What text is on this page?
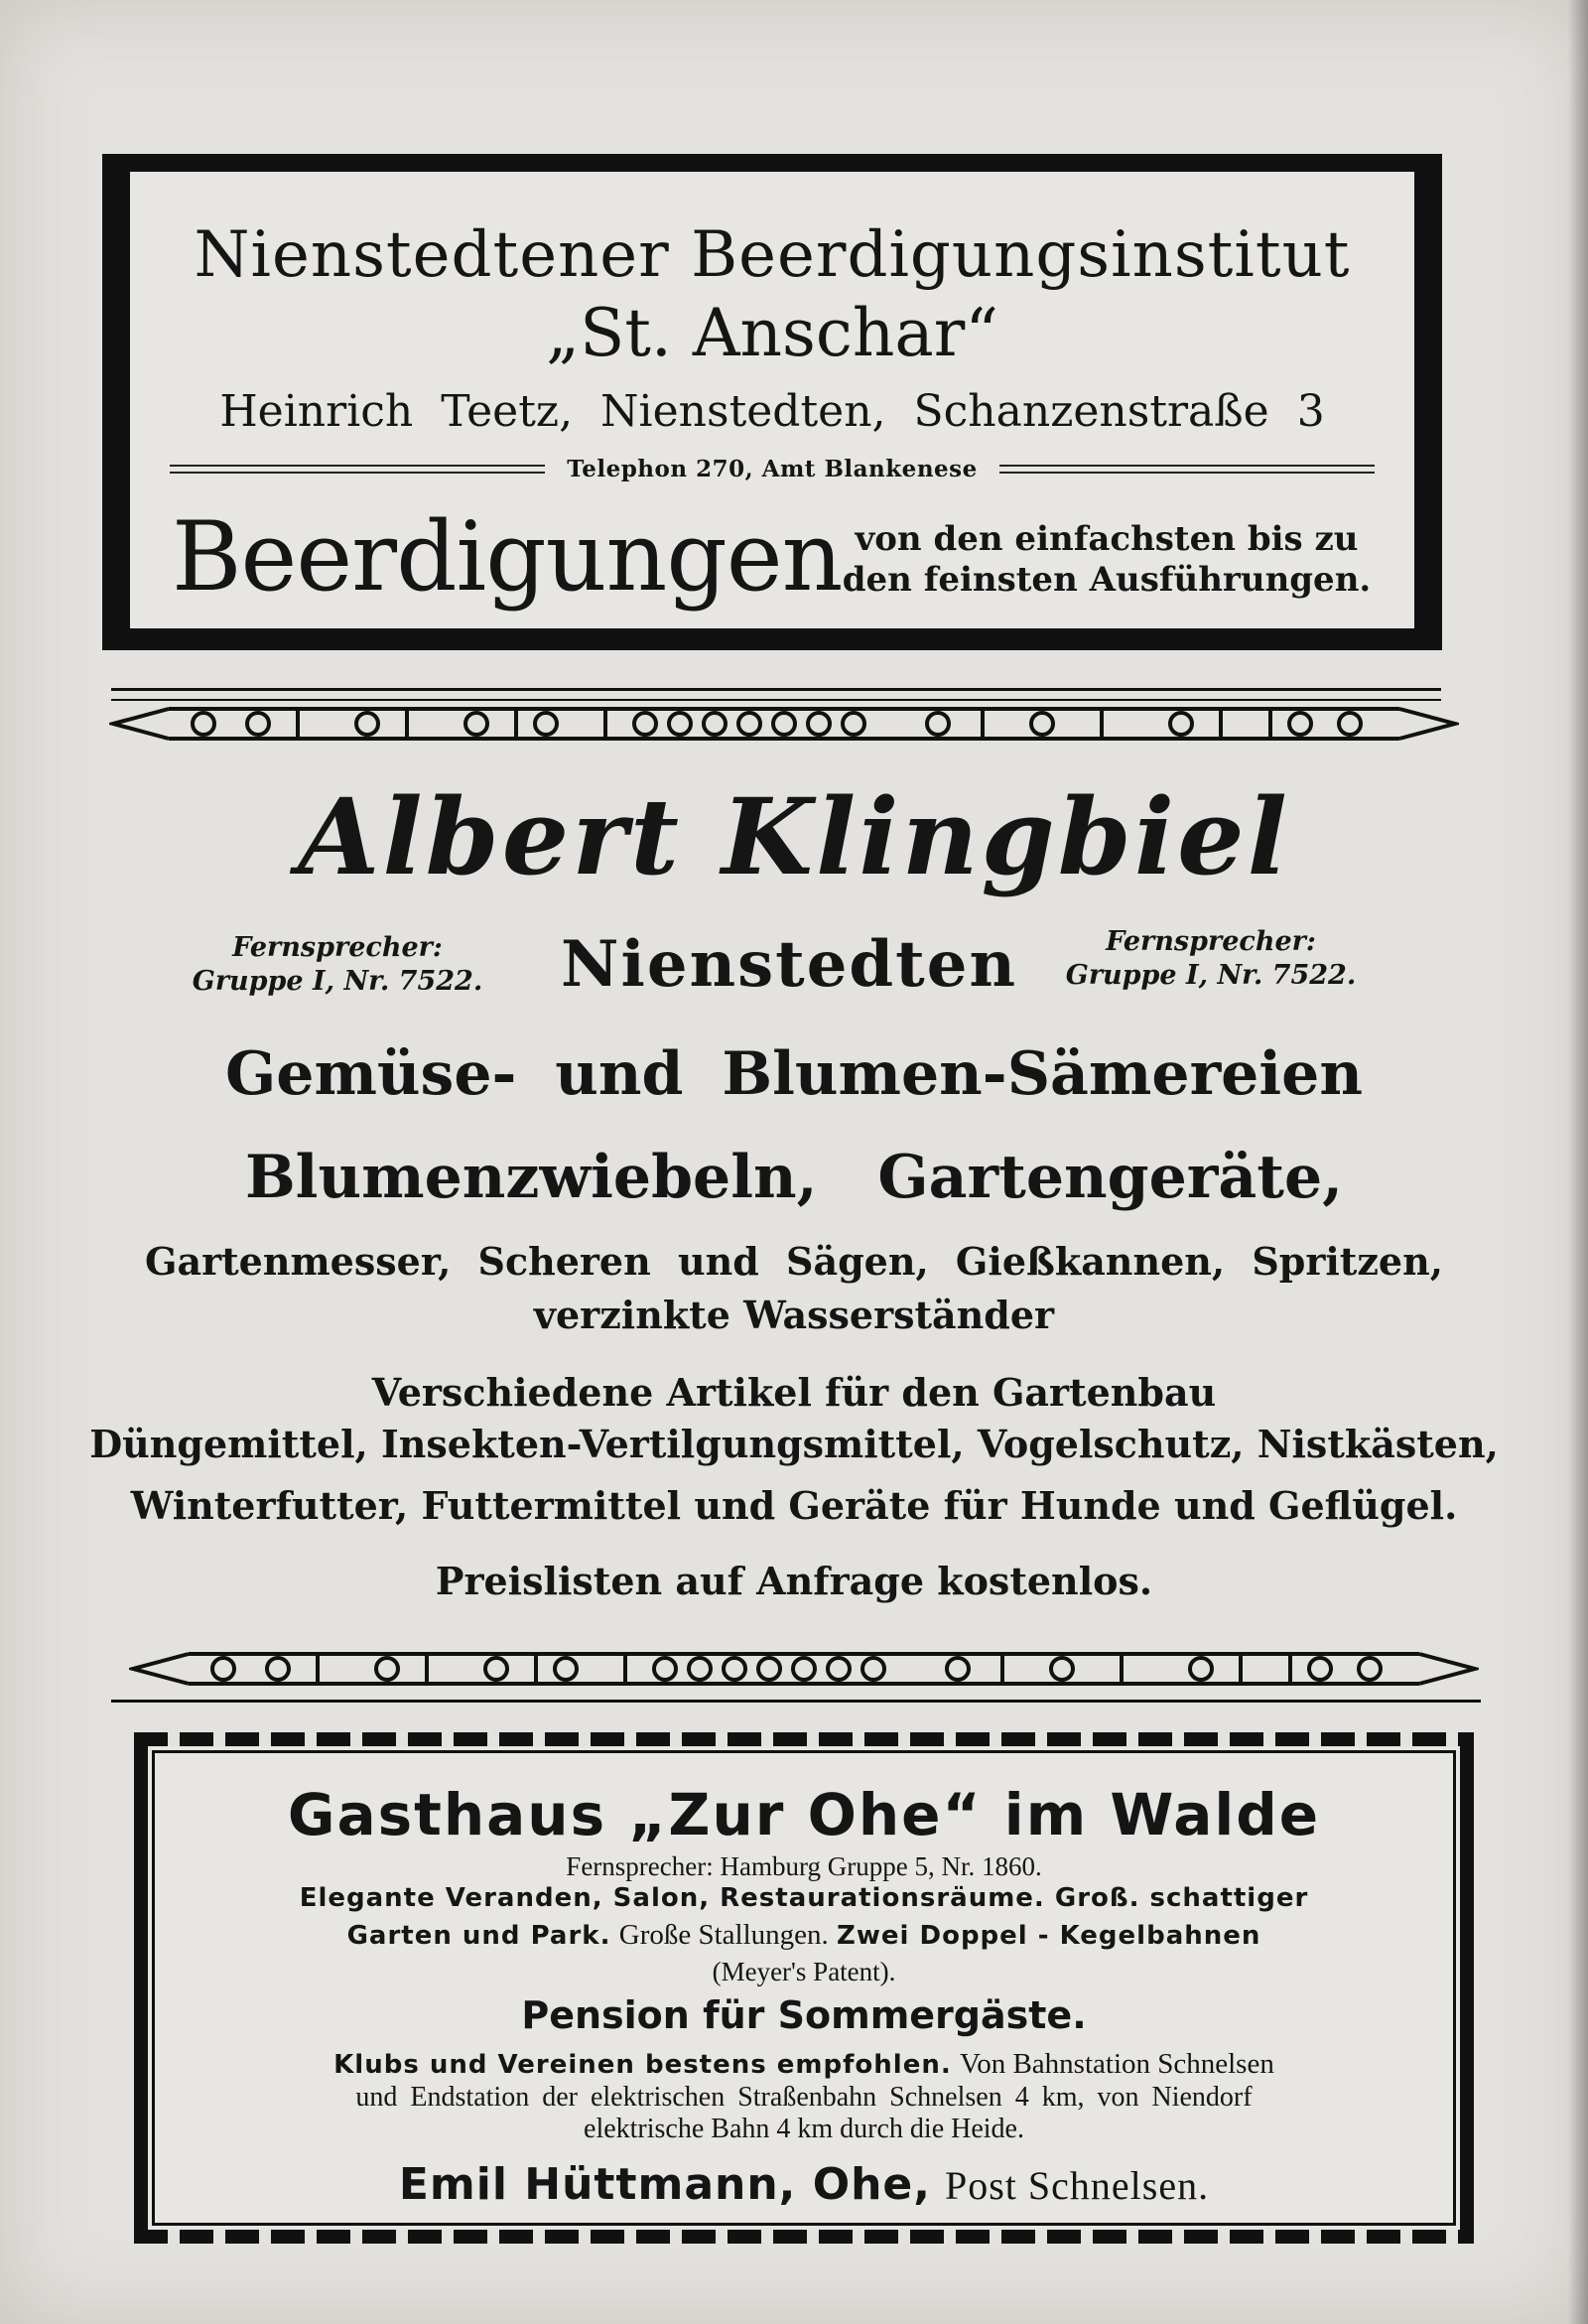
Nienstedtener Beerdigungsinstitut
„St. Anschar“
Heinrich Teetz, Nienstedten, Schanzenstraße 3
Telephon 270, Amt Blankenese
Beerdigungen von den einfachsten bis zu
den feinsten Ausführungen.
Albert Klingbiel
Fernsprecher:
Gruppe I, Nr. 7522. Nienstedten	Fernsprecher:
Gruppe I, Nr. 7522.
Gemüse- und Blumen-Sämereien
Blumenzwiebeln, Gartengeräte,
Gartenmesser, Scheren und Sägen, Gießkannen, Spritzen,
verzinkte Wasserständer
Verschiedene Artikel für den Gartenbau
Düngemittel, Insekten-Vertilgungsmittel, Vogelschutz, Nistkästen,
Winterfutter, Futtermittel und Geräte für Hunde und Geflügel.
Preislisten auf Anfrage kostenlos.
Gasthaus „Zur Ohe“ im Walde
Fernsprecher: Hamburg Gruppe 5, Nr. 1860.
Elegante Veranden, Salon, Restaurationsräume. Groß. schattiger
Garten und Park. Große Stallungen. Zwei Doppel - Kegelbahnen
(Meyer's Patent).
Pension für Sommergäste.
Klubs und Vereinen bestens empfohlen. Von Bahnstation Schnelsen
und Endstation der elektrischen Straßenbahn Schnelsen 4 km, von Niendorf
elektrische Bahn 4 km durch die Heide.
Emil Hüttmann, Ohe, Post Schnelsen.
